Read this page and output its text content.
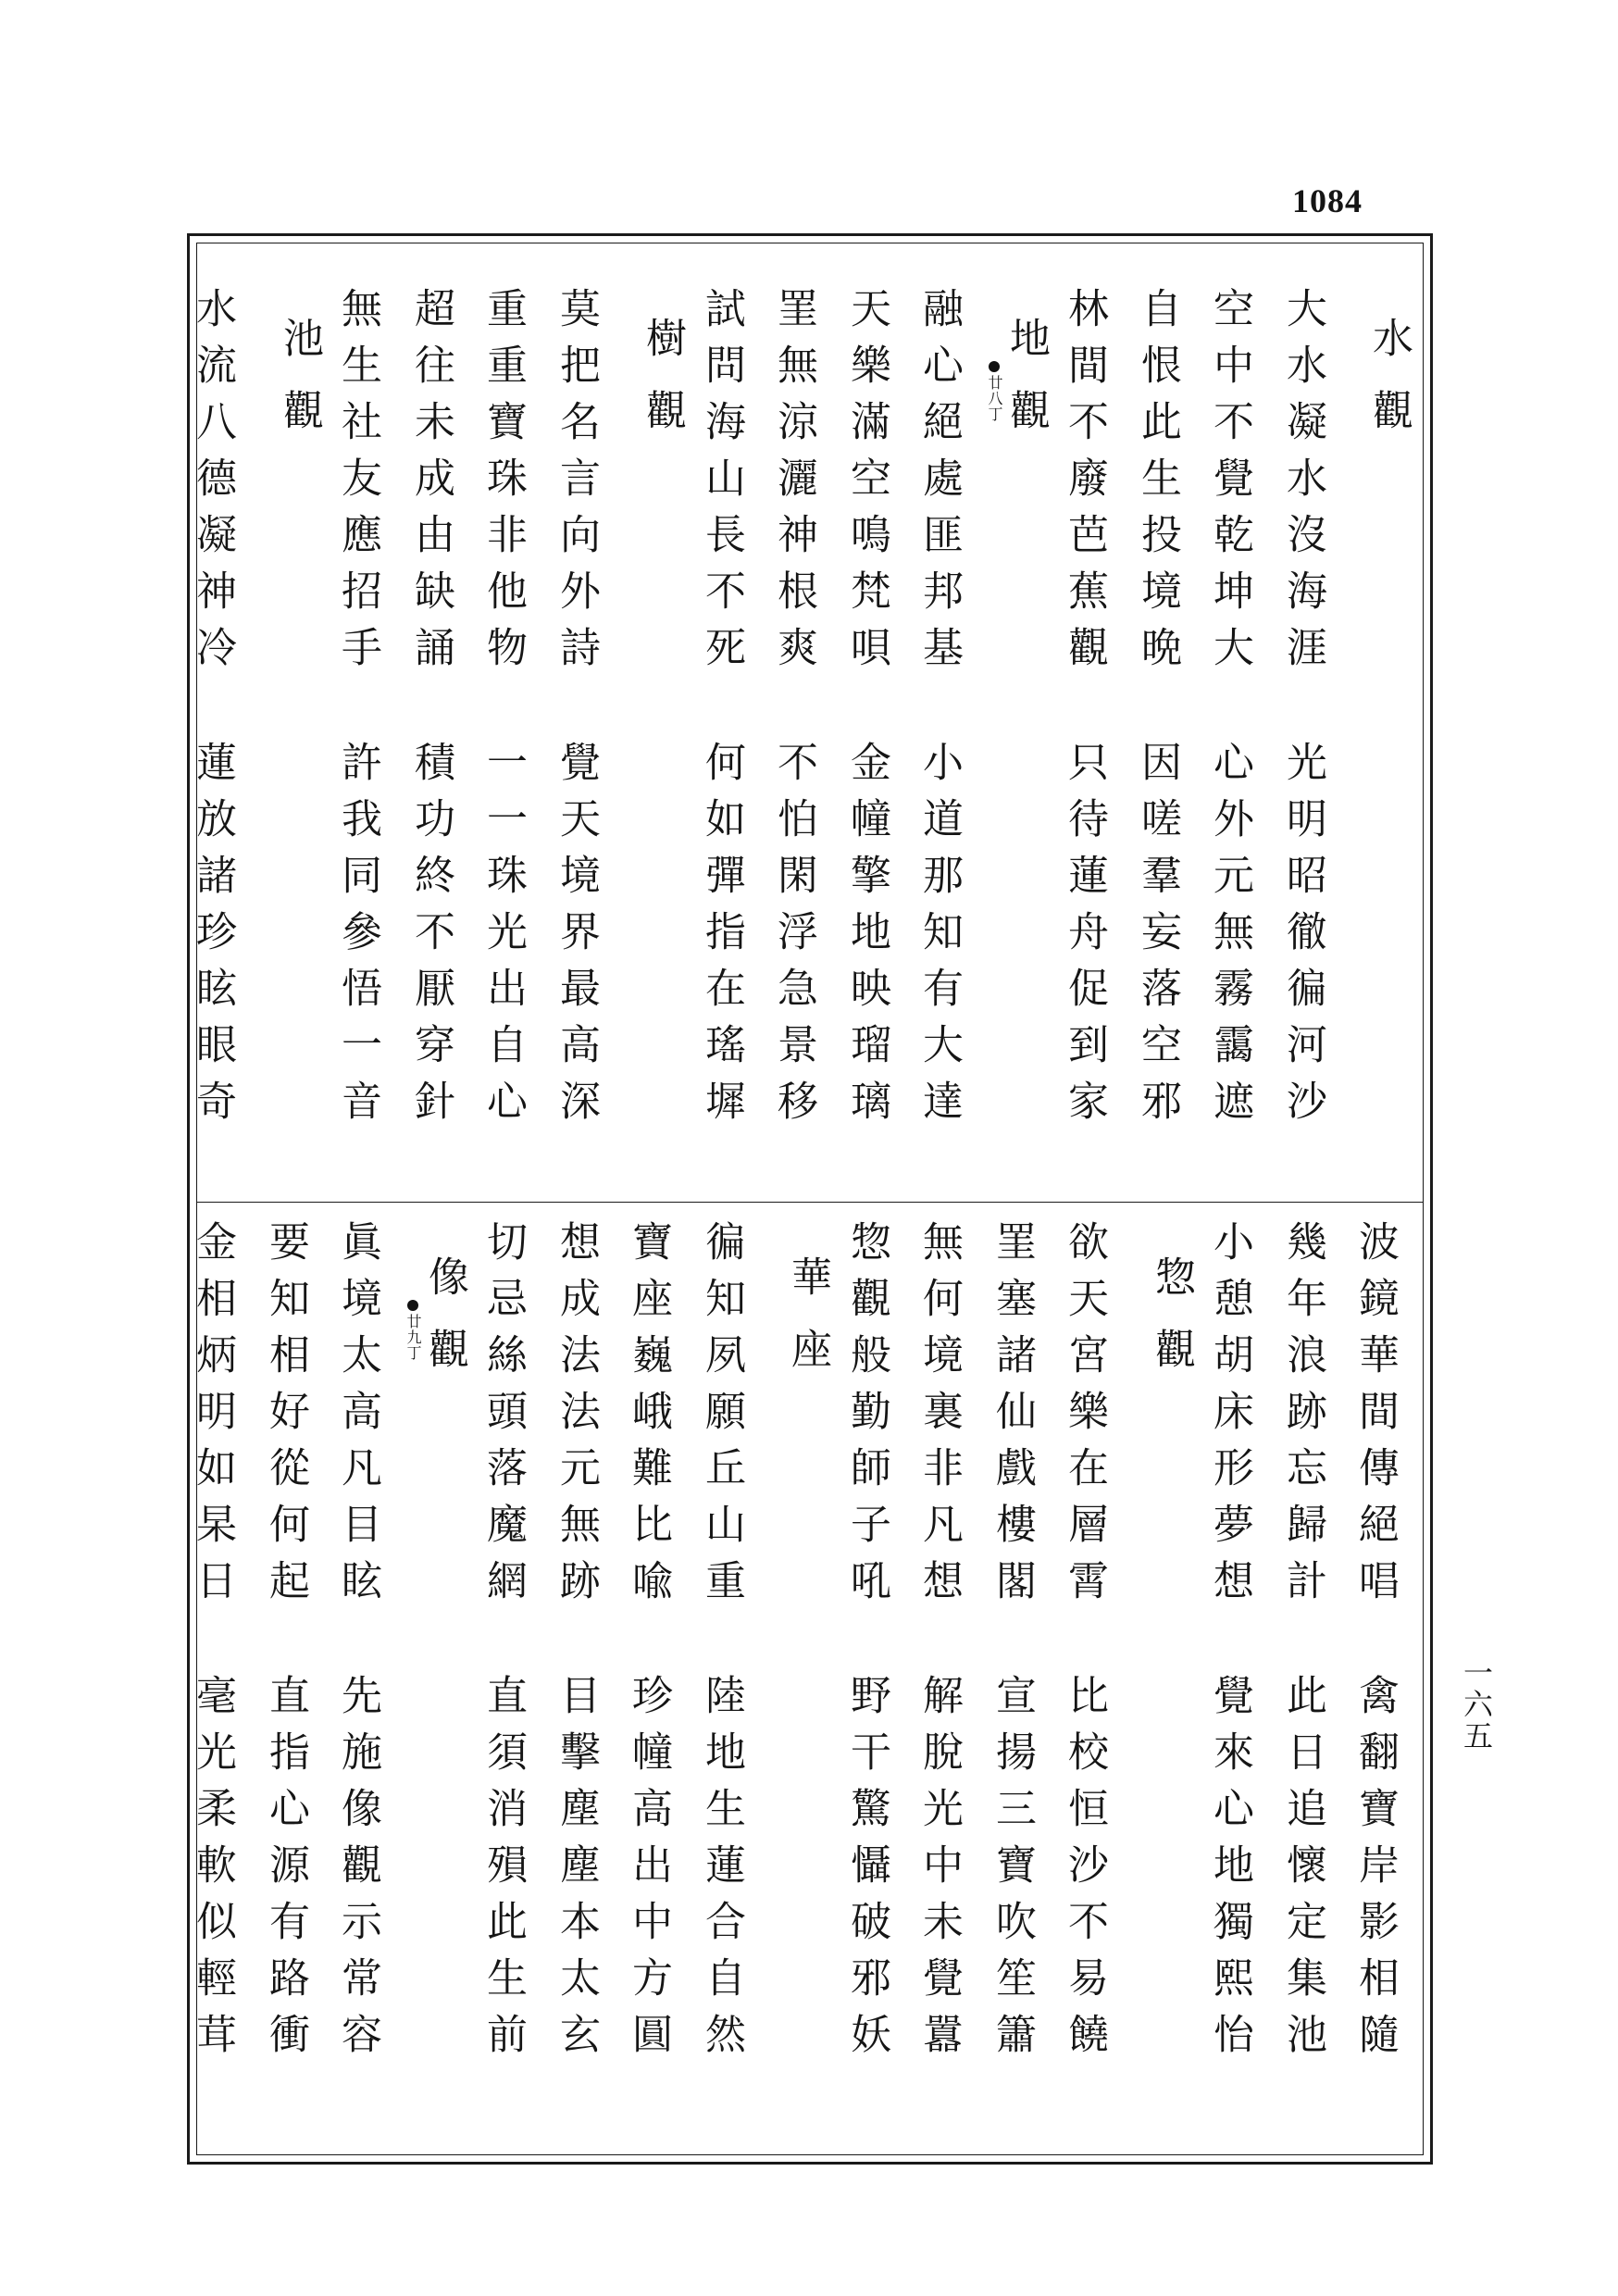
1084
一六五
水觀
大水凝水沒海涯
光明昭徹徧河沙
空中不覺乾坤大
心外元無霧靄遮
自恨此生投境晩
因嗟羣妄落空邪
林間不廢芭蕉觀
只待蓮舟促到家
地觀
廿八丁
融心絕處匪邦基
小道那知有大達
天樂滿空鳴梵唄
金幢擎地映瑠璃
罣無涼灑神根爽
不怕閑浮急景移
試問海山長不死
何如彈指在瑤墀
樹觀
莫把名言向外詩
覺天境界最高深
重重寶珠非他物
一一珠光出自心
超往未成由缺誦
積功終不厭穿針
無生社友應招手
許我同參悟一音
池觀
水流八德凝神冷
蓮放諸珍眩眼奇
波鏡華間傳絕唱
禽翻寶岸影相隨
幾年浪跡忘歸計
此日追懷定集池
小憩胡床形夢想
覺來心地獨熙怡
惣觀
欲天宮樂在層霄
比校恒沙不易饒
罣塞諸仙戲樓閣
宣揚三寶吹笙簫
無何境裏非凡想
解脫光中未覺囂
惣觀般勤師子吼
野干驚懾破邪妖
華座
徧知夙願丘山重
陸地生蓮合自然
寶座巍峨難比喩
珍幢高出中方圓
想成法法元無跡
目擊塵塵本太玄
切忌絲頭落魔網
直須消殞此生前
像觀
廿九丁
眞境太高凡目眩
先施像觀示常容
要知相好從何起
直指心源有路衝
金相炳明如杲日
毫光柔軟似輕茸
